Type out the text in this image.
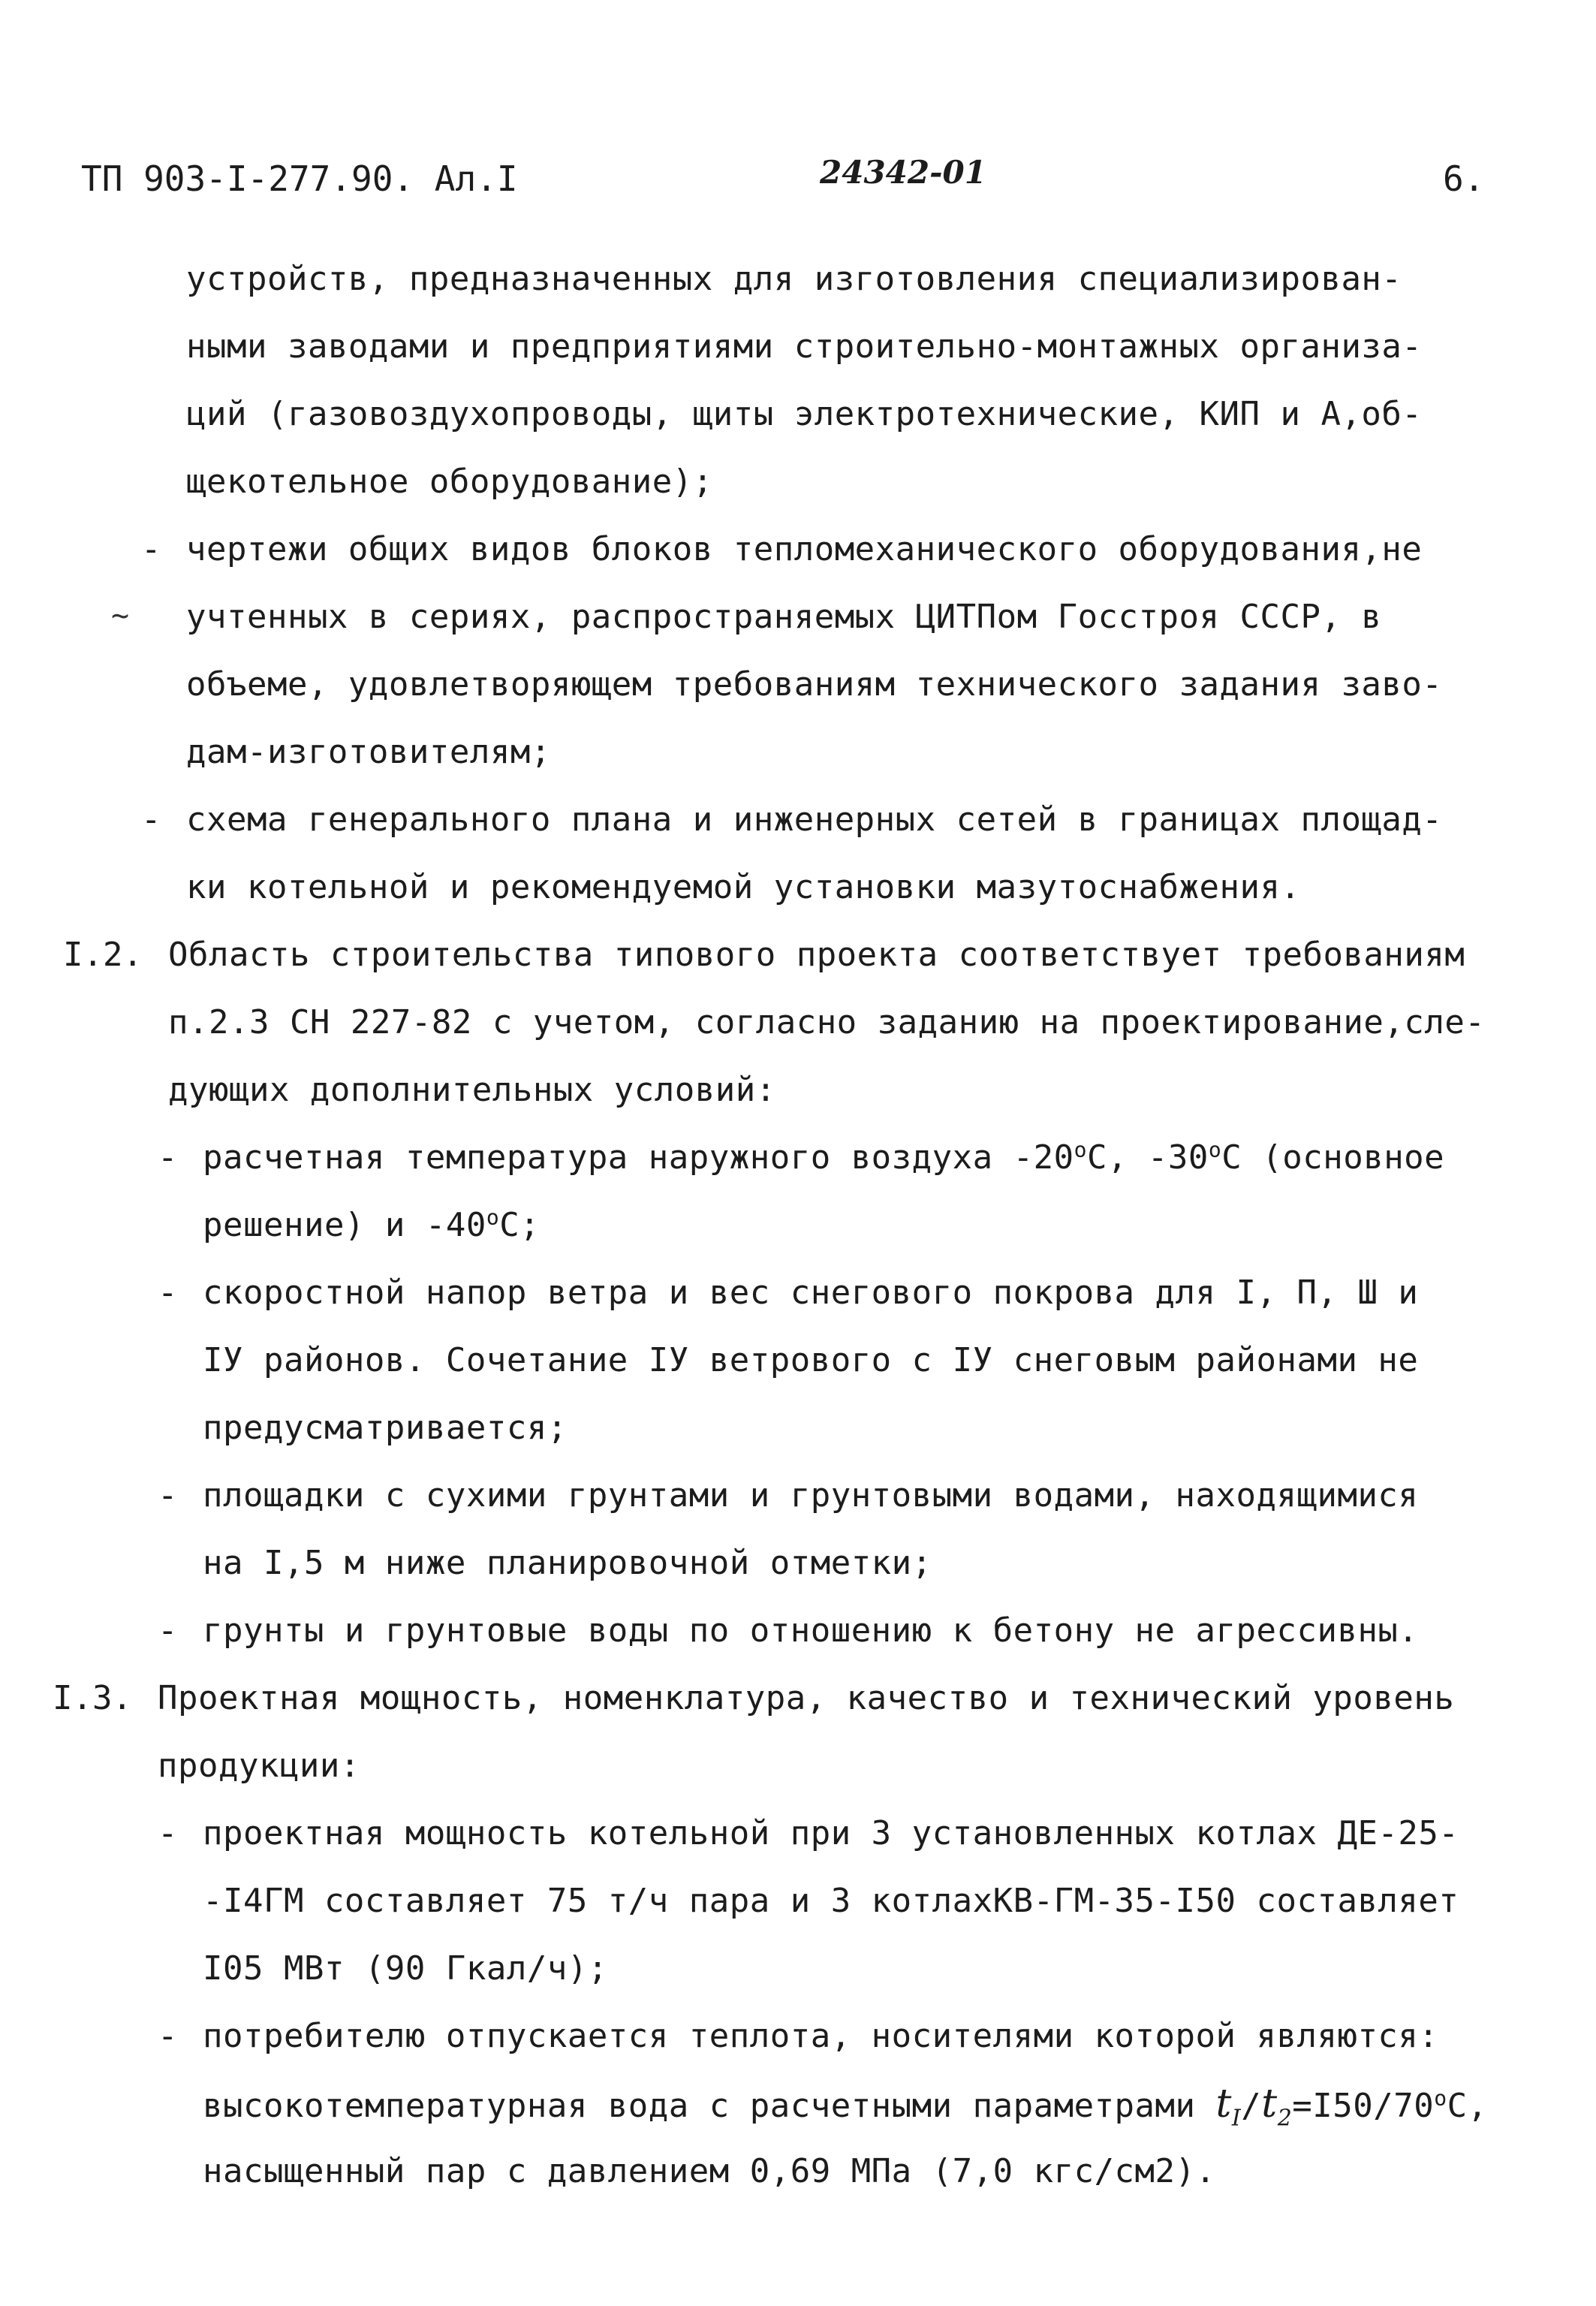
ТП 903-I-277.90. Ал.I	24342-01	6.
~
устройств, предназначенных для изготовления специализирован-
ными заводами и предприятиями строительно-монтажных организа-
ций (газовоздухопроводы, щиты электротехнические, КИП и А,об-
щекотельное оборудование);
- чертежи общих видов блоков тепломеханического оборудования,не
учтенных в сериях, распространяемых ЦИТПом Госстроя СССР, в
объеме, удовлетворяющем требованиям технического задания заво-
дам-изготовителям;
- схема генерального плана и инженерных сетей в границах площад-
ки котельной и рекомендуемой установки мазутоснабжения.
I.2. Область строительства типового проекта соответствует требованиям
п.2.3 СН 227-82 с учетом, согласно заданию на проектирование,сле-
дующих дополнительных условий:
- расчетная температура наружного воздуха $-20^оС$, $-30^оС$ (основное
решение) и $-40^оС$;
- скоростной напор ветра и вес снегового покрова для I, П, Ш и
IУ районов. Сочетание IУ ветрового с IУ снеговым районами не
предусматривается;
- площадки с сухими грунтами и грунтовыми водами, находящимися
на I,5 м ниже планировочной отметки;
- грунты и грунтовые воды по отношению к бетону не агрессивны.
I.3. Проектная мощность, номенклатура, качество и технический уровень
продукции:
- проектная мощность котельной при 3 установленных котлах ДЕ-25-
-I4ГМ составляет 75 т/ч пара и 3 котлахКВ-ГМ-35-I50 составляет
I05 МВт (90 Гкал/ч);
- потребителю отпускается теплота, носителями которой являются:
высокотемпературная вода с расчетными параметрами $t_I/t_2=I50/70^оС$,
насыщенный пар с давлением 0,69 МПа (7,0 кгс/см2).
